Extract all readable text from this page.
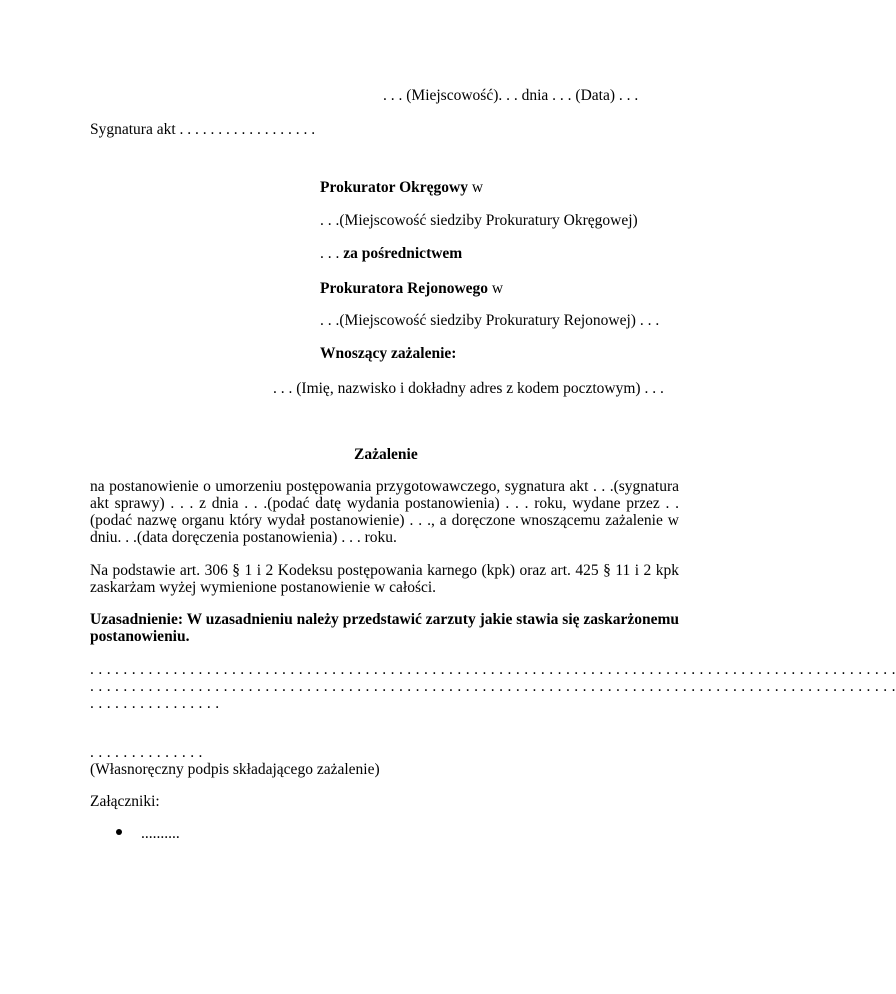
. . . (Miejscowość). . . dnia . . . (Data) . . .
Sygnatura akt . . . . . . . . . . . . . . . . . .
Prokurator Okręgowy w
. . .(Miejscowość siedziby Prokuratury Okręgowej)
. . . za pośrednictwem
Prokuratora Rejonowego w
. . .(Miejscowość siedziby Prokuratury Rejonowej) . . .
Wnoszący zażalenie:
. . . (Imię, nazwisko i dokładny adres z kodem pocztowym) . . .
Zażalenie
na postanowienie o umorzeniu postępowania przygotowawczego, sygnatura akt . . .(sygnatura akt sprawy) . . . z dnia . . .(podać datę wydania postanowienia) . . . roku, wydane przez . . (podać nazwę organu który wydał postanowienie) . . ., a doręczone wnoszącemu zażalenie w dniu. . .(data doręczenia postanowienia) . . . roku.
Na podstawie art. 306 § 1 i 2 Kodeksu postępowania karnego (kpk) oraz art. 425 § 11 i 2 kpk zaskarżam wyżej wymienione postanowienie w całości.
Uzasadnienie: W uzasadnieniu należy przedstawić zarzuty jakie stawia się zaskarżonemu postanowieniu.
. . . . . . . . . . . . . . . . . . . . . . . . . . . . . . . . . . . . . . . . . . . . . . . . . . . . . . . . . . . . . . . . . . . . . . . . . . . . . . . . . . . . . . . . . . . . . . . . .
. . . . . . . . . . . . . . . . . . . . . . . . . . . . . . . . . . . . . . . . . . . . . . . . . . . . . . . . . . . . . . . . . . . . . . . . . . . . . . . . . . . . . . . . . . . . . . . . .
. . . . . . . . . . . . . . . .
. . . . . . . . . . . . . .
(Własnoręczny podpis składającego zażalenie)
Załączniki:
..........
